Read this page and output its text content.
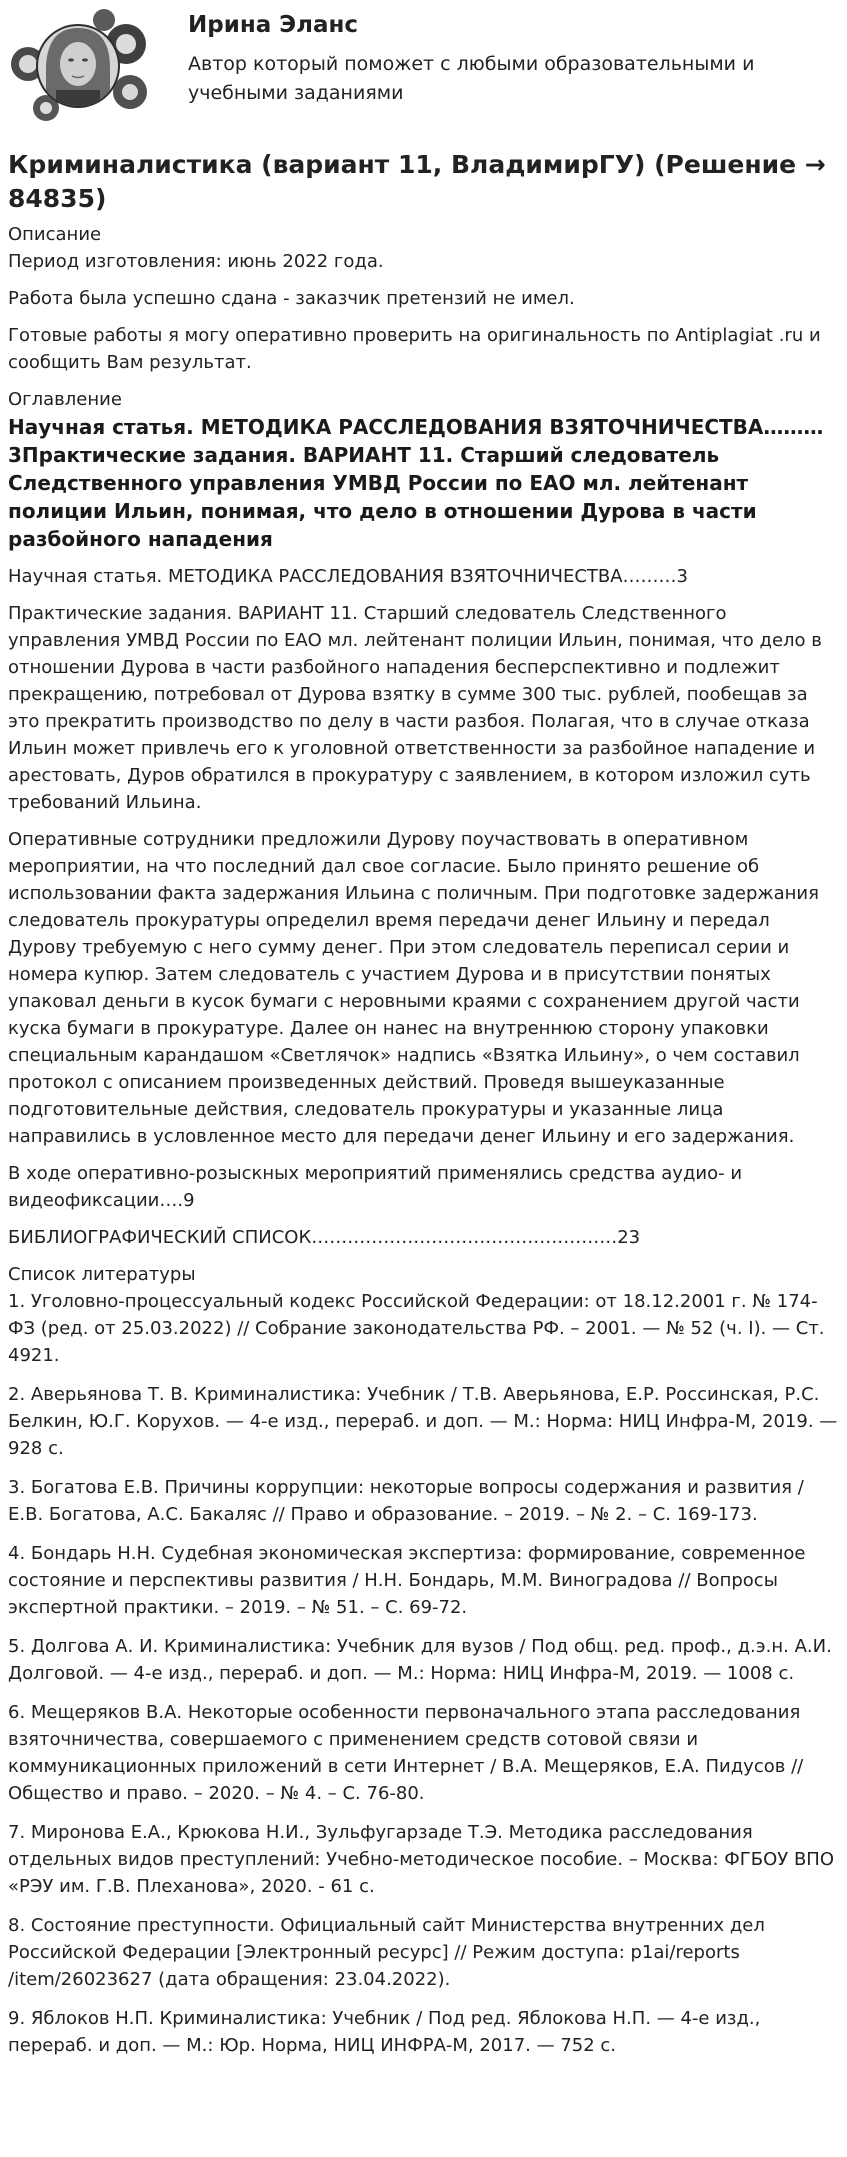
Ирина Эланс
Автор который поможет с любыми образовательными и учебными заданиями
Криминалистика (вариант 11, ВладимирГУ) (Решение → 84835)
Описание

Период изготовления: июнь 2022 года.

Работа была успешно сдана - заказчик претензий не имел.

Готовые работы я могу оперативно проверить на оригинальность по Antiplagiat .ru и сообщить Вам результат.

Оглавление
Научная статья. МЕТОДИКА РАССЛЕДОВАНИЯ ВЗЯТОЧНИЧЕСТВА………3Практические задания. ВАРИАНТ 11. Старший следователь Следственного управления УМВД России по ЕАО мл. лейтенант полиции Ильин, понимая, что дело в отношении Дурова в части разбойного нападения

Научная статья. МЕТОДИКА РАССЛЕДОВАНИЯ ВЗЯТОЧНИЧЕСТВА………3

Практические задания. ВАРИАНТ 11. Старший следователь Следственного управления УМВД России по ЕАО мл. лейтенант полиции Ильин, понимая, что дело в отношении Дурова в части разбойного нападения бесперспективно и подлежит прекращению, потребовал от Дурова взятку в сумме 300 тыс. рублей, пообещав за это прекратить производство по делу в части разбоя. Полагая, что в случае отказа Ильин может привлечь его к уголовной ответственности за разбойное нападение и арестовать, Дуров обратился в прокуратуру с заявлением, в котором изложил суть требований Ильина.

Оперативные сотрудники предложили Дурову поучаствовать в оперативном мероприятии, на что последний дал свое согласие. Было принято решение об использовании факта задержания Ильина с поличным. При подготовке задержания следователь прокуратуры определил время передачи денег Ильину и передал Дурову требуемую с него сумму денег. При этом следователь переписал серии и номера купюр. Затем следователь с участием Дурова и в присутствии понятых упаковал деньги в кусок бумаги с неровными краями с сохранением другой части куска бумаги в прокуратуре. Далее он нанес на внутреннюю сторону упаковки специальным карандашом «Светлячок» надпись «Взятка Ильину», о чем составил протокол с описанием произведенных действий. Проведя вышеуказанные подготовительные действия, следователь прокуратуры и указанные лица направились в условленное место для передачи денег Ильину и его задержания.

В ходе оперативно-розыскных мероприятий применялись средства аудио- и видеофиксации….9

БИБЛИОГРАФИЧЕСКИЙ СПИСОК……………………………………………23

Список литературы

1. Уголовно-процессуальный кодекс Российской Федерации: от 18.12.2001 г. № 174-ФЗ (ред. от 25.03.2022) // Собрание законодательства РФ. – 2001. — № 52 (ч. I). — Ст. 4921.

2. Аверьянова Т. В. Криминалистика: Учебник / Т.В. Аверьянова, Е.Р. Россинская, Р.С. Белкин, Ю.Г. Корухов. — 4-е изд., перераб. и доп. — М.: Норма: НИЦ Инфра-М, 2019. — 928 с.

3. Богатова Е.В. Причины коррупции: некоторые вопросы содержания и развития / Е.В. Богатова, А.С. Бакаляс // Право и образование. – 2019. – № 2. – С. 169-173.

4. Бондарь Н.Н. Судебная экономическая экспертиза: формирование, современное состояние и перспективы развития / Н.Н. Бондарь, М.М. Виноградова // Вопросы экспертной практики. – 2019. – № 51. – С. 69-72.

5. Долгова А. И. Криминалистика: Учебник для вузов / Под общ. ред. проф., д.э.н. А.И. Долговой. — 4-е изд., перераб. и доп. — М.: Норма: НИЦ Инфра-М, 2019. — 1008 с.

6. Мещеряков В.А. Некоторые особенности первоначального этапа расследования взяточничества, совершаемого с применением средств сотовой связи и коммуникационных приложений в сети Интернет / В.А. Мещеряков, Е.А. Пидусов // Общество и право. – 2020. – № 4. – С. 76-80.

7. Миронова Е.А., Крюкова Н.И., Зульфугарзаде Т.Э. Методика расследования отдельных видов преступлений: Учебно-методическое пособие. – Москва: ФГБОУ ВПО «РЭУ им. Г.В. Плеханова», 2020. - 61 с.

8. Состояние преступности. Официальный сайт Министерства внутренних дел Российской Федерации [Электронный ресурс] // Режим доступа: p1ai/reports /item/26023627 (дата обращения: 23.04.2022).

9. Яблоков Н.П. Криминалистика: Учебник / Под ред. Яблокова Н.П. — 4-е изд., перераб. и доп. — М.: Юр. Норма, НИЦ ИНФРА-М, 2017. — 752 с.
